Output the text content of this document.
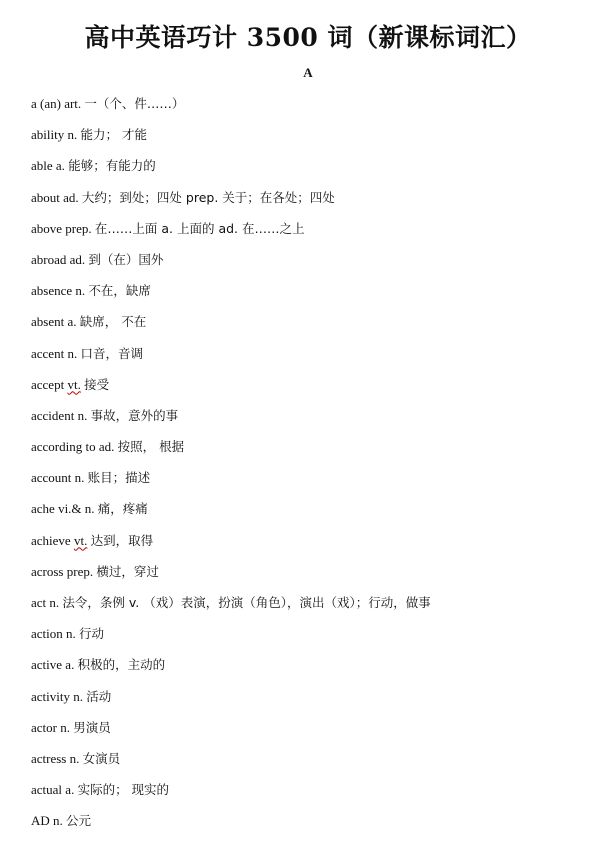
高中英语巧计 3500 词（新课标词汇）
A
a (an) art. 一（个、件……）
ability n. 能力； 才能
able a. 能够；有能力的
about ad. 大约；到处；四处 prep. 关于；在各处；四处
above prep. 在……上面 a. 上面的 ad. 在……之上
abroad ad. 到（在）国外
absence n. 不在，缺席
absent a. 缺席， 不在
accent n. 口音，音调
accept vt. 接受
accident n. 事故，意外的事
according to ad. 按照， 根据
account n. 账目；描述
ache vi.& n. 痛，疼痛
achieve vt. 达到，取得
across prep. 横过，穿过
act n. 法令，条例 v. （戏）表演，扮演（角色），演出（戏）；行动，做事
action n. 行动
active a. 积极的，主动的
activity n. 活动
actor n. 男演员
actress n. 女演员
actual a. 实际的； 现实的
AD n. 公元
